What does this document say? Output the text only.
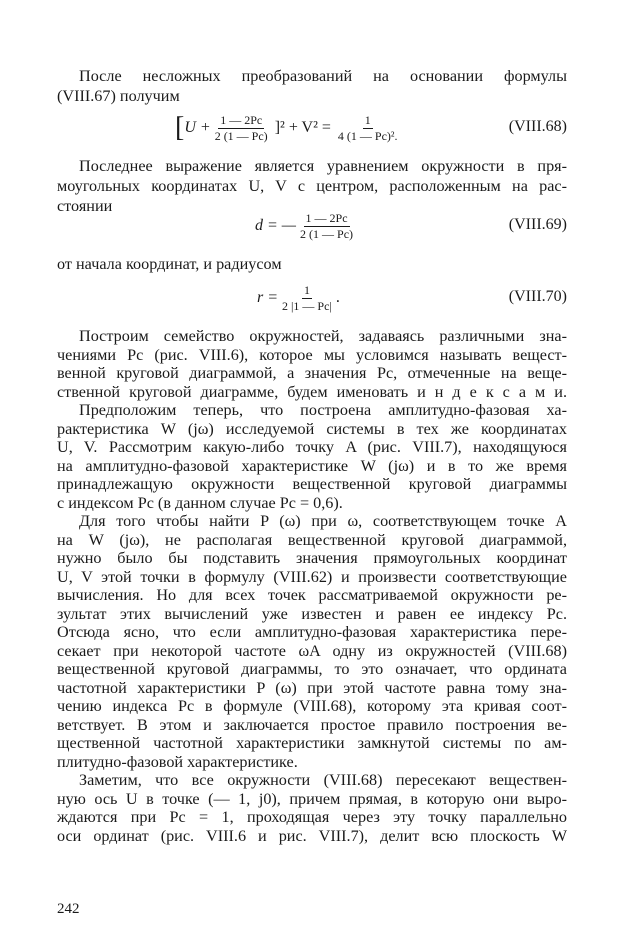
После несложных преобразований на основании формулы
(VIII.67) получим
[ $U + \frac{1 — 2Pc}{2 (1 — Pc)} ]^2 + V^2 = \frac{1}{\text{4 (1 — Pc)².}}$	(VIII.68)
Последнее выражение является уравнением окружности в пря-
моугольных координатах U, V с центром, расположенным на рас-
стоянии
d = — $\frac{1 — 2Pc}{2 (1 — Pc)}$	(VIII.69)
от начала координат, и радиусом
$r = \frac{1}{2 |1 — Pc|}$ .	(VIII.70)
Построим семейство окружностей, задаваясь различными зна-
чениями Pc (рис. VIII.6), которое мы условимся называть вещест-
венной круговой диаграммой, а значения Pc, отмеченные на веще-
ственной круговой диаграмме, будем именовать и н д е к с а м и.
Предположим теперь, что построена амплитудно-фазовая ха-
рактеристика W (jω) исследуемой системы в тех же координатах
U, V. Рассмотрим какую-либо точку A (рис. VIII.7), находящуюся
на амплитудно-фазовой характеристике W (jω) и в то же время
принадлежащую окружности вещественной круговой диаграммы
с индексом Pc (в данном случае Pc = 0,6).
Для того чтобы найти P (ω) при ω, соответствующем точке A
на W (jω), не располагая вещественной круговой диаграммой,
нужно было бы подставить значения прямоугольных координат
U, V этой точки в формулу (VIII.62) и произвести соответствующие
вычисления. Но для всех точек рассматриваемой окружности ре-
зультат этих вычислений уже известен и равен ее индексу Pc.
Отсюда ясно, что если амплитудно-фазовая характеристика пере-
секает при некоторой частоте ωA одну из окружностей (VIII.68)
вещественной круговой диаграммы, то это означает, что ордината
частотной характеристики P (ω) при этой частоте равна тому зна-
чению индекса Pc в формуле (VIII.68), которому эта кривая соот-
ветствует. В этом и заключается простое правило построения ве-
щественной частотной характеристики замкнутой системы по ам-
плитудно-фазовой характеристике.
Заметим, что все окружности (VIII.68) пересекают веществен-
ную ось U в точке (— 1, j0), причем прямая, в которую они выро-
ждаются при Pc = 1, проходящая через эту точку параллельно
оси ординат (рис. VIII.6 и рис. VIII.7), делит всю плоскость W
242
